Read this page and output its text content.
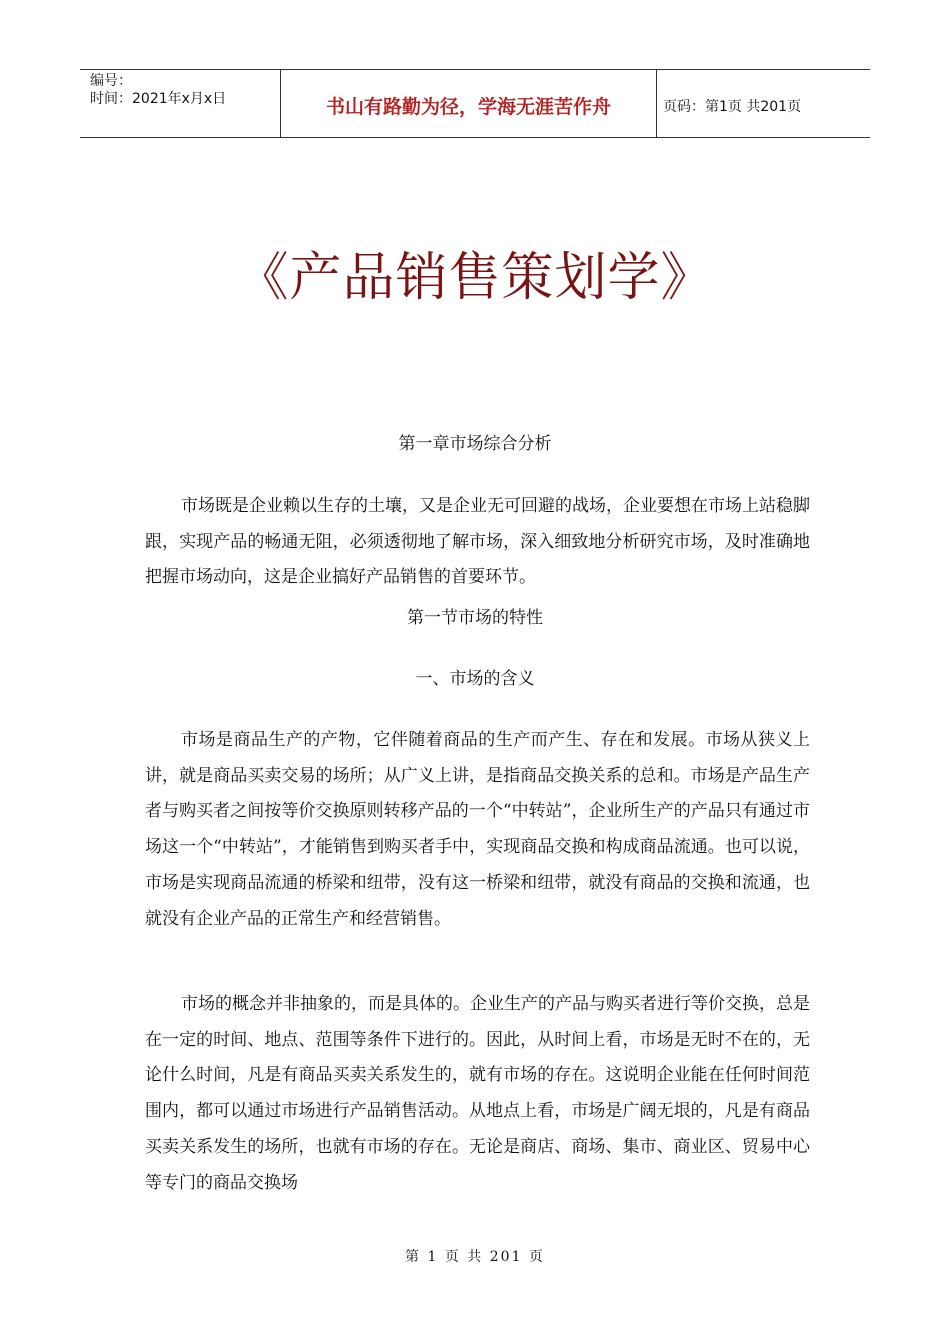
编号：
时间：2021年x月x日	书山有路勤为径，学海无涯苦作舟	页码：第1页 共201页
《产品销售策划学》
第一章市场综合分析

市场既是企业赖以生存的土壤，又是企业无可回避的战场，企业要想在市场上站稳脚跟，实现产品的畅通无阻，必须透彻地了解市场，深入细致地分析研究市场，及时准确地把握市场动向，这是企业搞好产品销售的首要环节。

第一节市场的特性
一、市场的含义

市场是商品生产的产物，它伴随着商品的生产而产生、存在和发展。市场从狭义上讲，就是商品买卖交易的场所；从广义上讲，是指商品交换关系的总和。市场是产品生产者与购买者之间按等价交换原则转移产品的一个“中转站”，企业所生产的产品只有通过市场这一个“中转站”，才能销售到购买者手中，实现商品交换和构成商品流通。也可以说，市场是实现商品流通的桥梁和纽带，没有这一桥梁和纽带，就没有商品的交换和流通，也就没有企业产品的正常生产和经营销售。

市场的概念并非抽象的，而是具体的。企业生产的产品与购买者进行等价交换，总是在一定的时间、地点、范围等条件下进行的。因此，从时间上看，市场是无时不在的，无论什么时间，凡是有商品买卖关系发生的，就有市场的存在。这说明企业能在任何时间范围内，都可以通过市场进行产品销售活动。从地点上看，市场是广阔无垠的，凡是有商品买卖关系发生的场所，也就有市场的存在。无论是商店、商场、集市、商业区、贸易中心等专门的商品交换场

第 1 页 共 201 页
